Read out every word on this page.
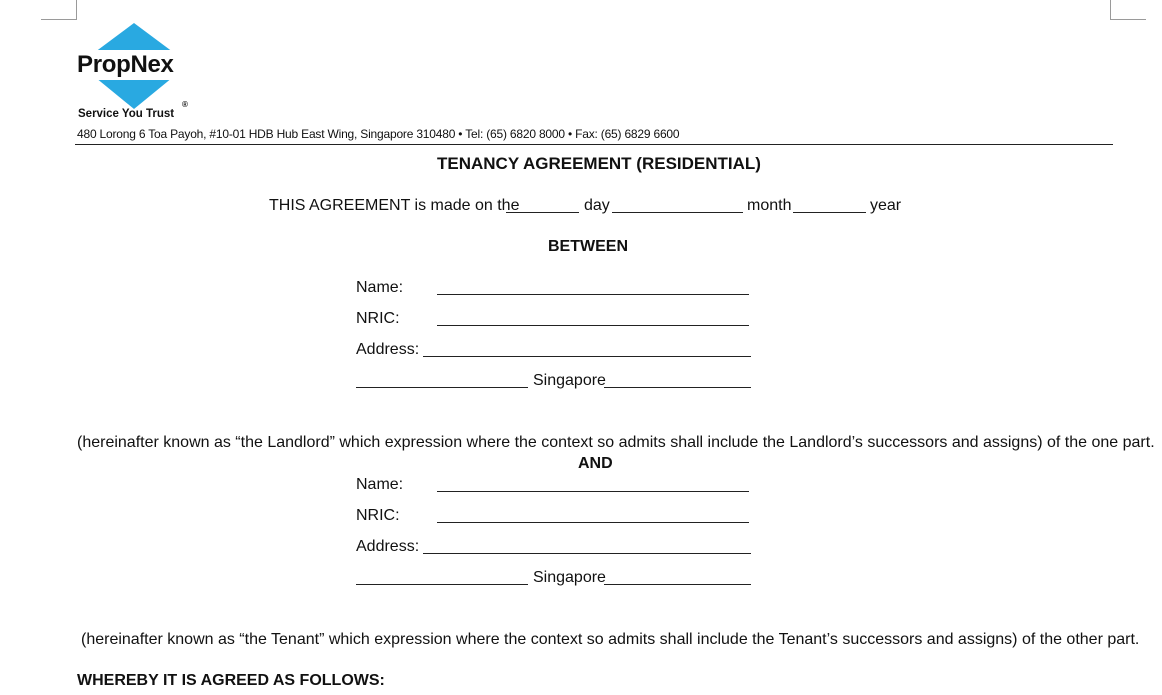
PropNex
®
Service You Trust
480 Lorong 6 Toa Payoh, #10-01 HDB Hub East Wing, Singapore 310480 • Tel: (65) 6820 8000 • Fax: (65) 6829 6600
TENANCY AGREEMENT (RESIDENTIAL)
THIS AGREEMENT is made on the	day	month	year
BETWEEN
Name:
NRIC:
Address:
Singapore
(hereinafter known as “the Landlord” which expression where the context so admits shall include the Landlord’s successors and assigns) of the one part.
AND
Name:
NRIC:
Address:
Singapore
(hereinafter known as “the Tenant” which expression where the context so admits shall include the Tenant’s successors and assigns) of the other part.
WHEREBY IT IS AGREED AS FOLLOWS:
